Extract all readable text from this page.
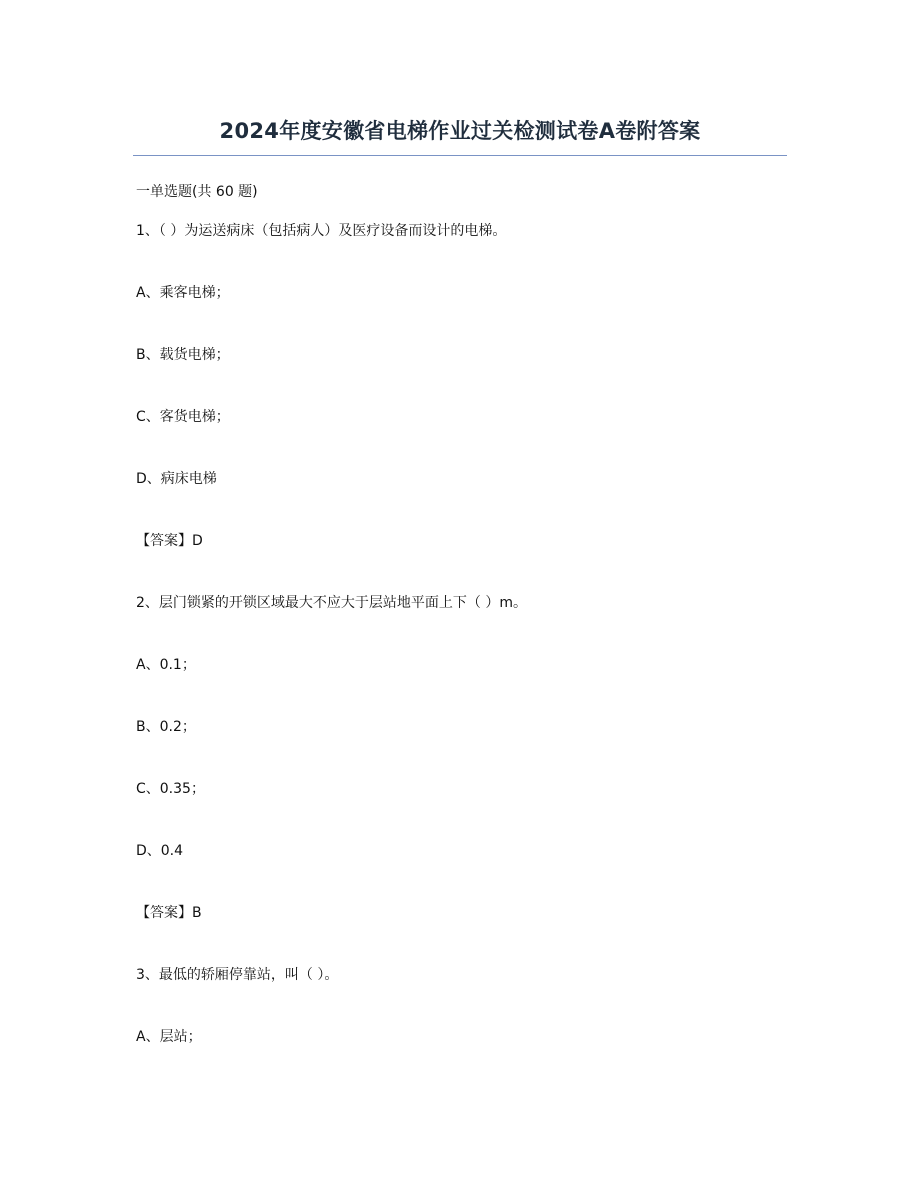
2024年度安徽省电梯作业过关检测试卷A卷附答案
一单选题(共 60 题)
1、（ ）为运送病床（包括病人）及医疗设备而设计的电梯。
A、乘客电梯；
B、载货电梯；
C、客货电梯；
D、病床电梯
【答案】D
2、层门锁紧的开锁区域最大不应大于层站地平面上下（ ）m。
A、0.1；
B、0.2；
C、0.35；
D、0.4
【答案】B
3、最低的轿厢停靠站，叫（ ）。
A、层站；
